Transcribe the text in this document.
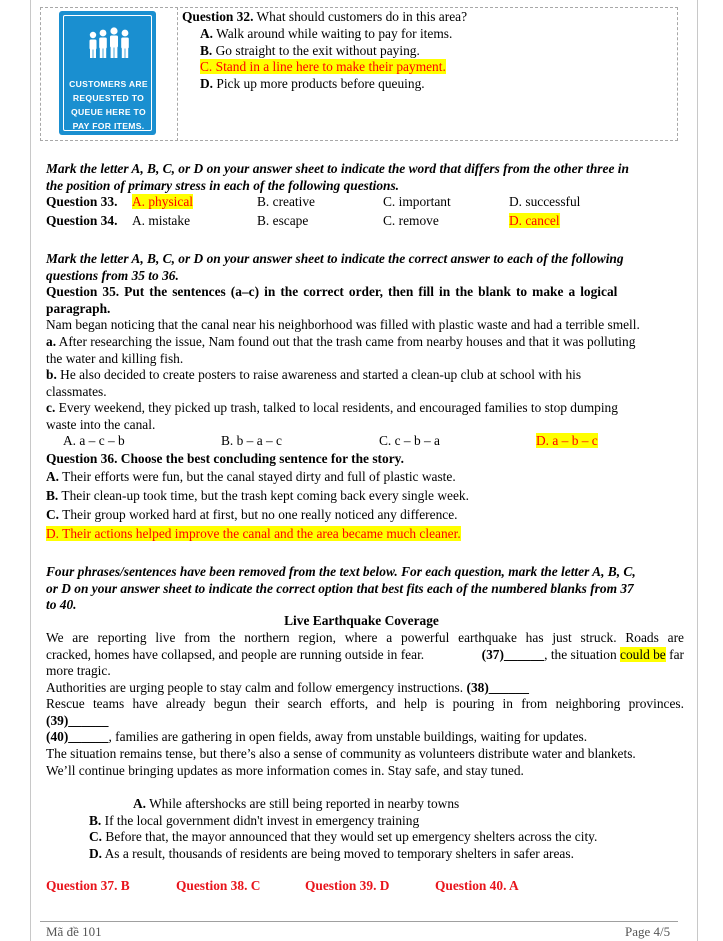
CUSTOMERS ARE
REQUESTED TO
QUEUE HERE TO
PAY FOR ITEMS.
Question 32. What should customers do in this area?
A. Walk around while waiting to pay for items.
B. Go straight to the exit without paying.
C. Stand in a line here to make their payment.
D. Pick up more products before queuing.
Mark the letter A, B, C, or D on your answer sheet to indicate the word that differs from the other three in
the position of primary stress in each of the following questions.
Question 33. A. physical	B. creative	C. important	D. successful
Question 34. A. mistake	B. escape	C. remove	D. cancel
Mark the letter A, B, C, or D on your answer sheet to indicate the correct answer to each of the following
questions from 35 to 36.
Question 35. Put the sentences (a–c) in the correct order, then fill in the blank to make a logical
paragraph.
Nam began noticing that the canal near his neighborhood was filled with plastic waste and had a terrible smell.
a. After researching the issue, Nam found out that the trash came from nearby houses and that it was polluting
the water and killing fish.
b. He also decided to create posters to raise awareness and started a clean-up club at school with his
classmates.
c. Every weekend, they picked up trash, talked to local residents, and encouraged families to stop dumping
waste into the canal.
A. a – c – b	B. b – a – c	C. c – b – a	D. a – b – c
Question 36. Choose the best concluding sentence for the story.
A. Their efforts were fun, but the canal stayed dirty and full of plastic waste.
B. Their clean-up took time, but the trash kept coming back every single week.
C. Their group worked hard at first, but no one really noticed any difference.
D. Their actions helped improve the canal and the area became much cleaner.
Four phrases/sentences have been removed from the text below. For each question, mark the letter A, B, C,
or D on your answer sheet to indicate the correct option that best fits each of the numbered blanks from 37
to 40.
Live Earthquake Coverage
We are reporting live from the northern region, where a powerful earthquake has just struck. Roads are
cracked, homes have collapsed, and people are running outside in fear.	(37)______, the situation could be far
more tragic.
Authorities are urging people to stay calm and follow emergency instructions. (38)______
Rescue teams have already begun their search efforts, and help is pouring in from neighboring provinces.
(39)______
(40)______, families are gathering in open fields, away from unstable buildings, waiting for updates.
The situation remains tense, but there’s also a sense of community as volunteers distribute water and blankets.
We’ll continue bringing updates as more information comes in. Stay safe, and stay tuned.
A. While aftershocks are still being reported in nearby towns
B. If the local government didn't invest in emergency training
C. Before that, the mayor announced that they would set up emergency shelters across the city.
D. As a result, thousands of residents are being moved to temporary shelters in safer areas.
Question 37. B	Question 38. C	Question 39. D	Question 40. A
Mã đề 101	Page 4/5
